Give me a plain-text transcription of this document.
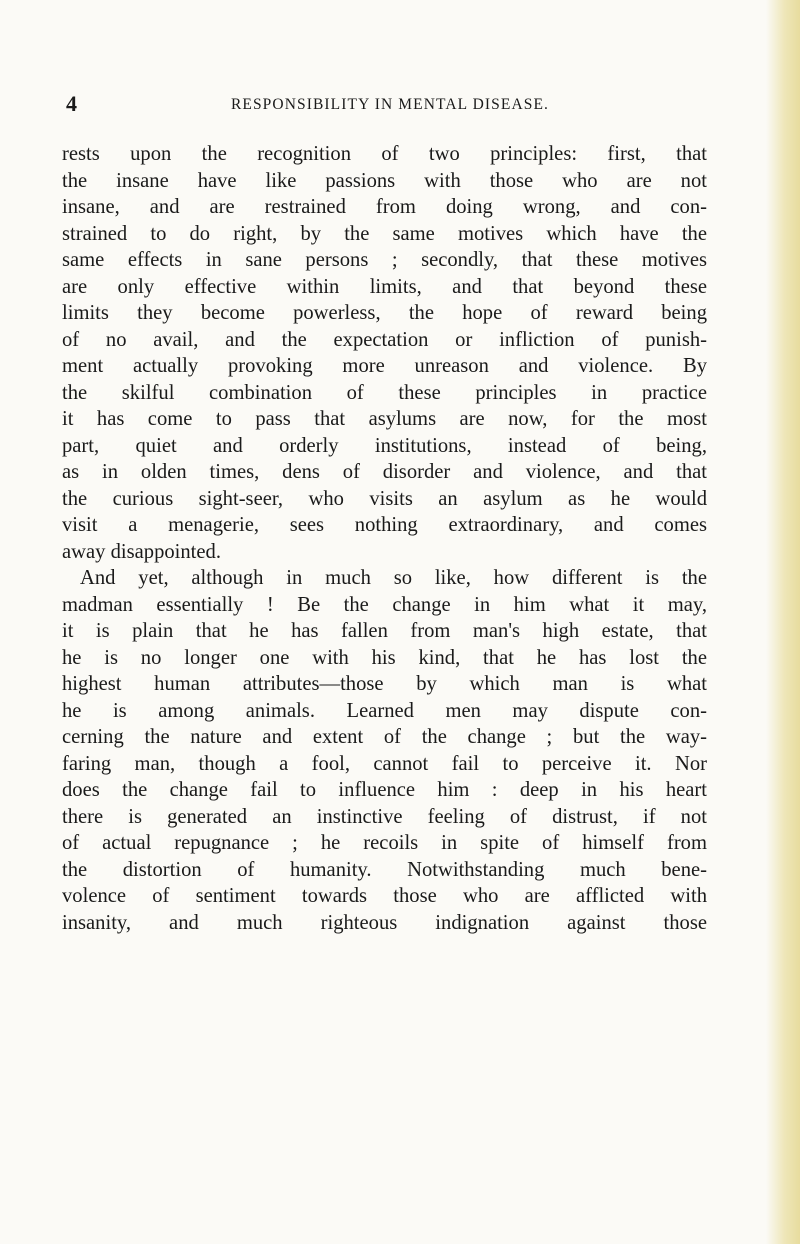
4	RESPONSIBILITY IN MENTAL DISEASE.
rests upon the recognition of two principles: first, that
the insane have like passions with those who are not
insane, and are restrained from doing wrong, and con-
strained to do right, by the same motives which have the
same effects in sane persons ; secondly, that these motives
are only effective within limits, and that beyond these
limits they become powerless, the hope of reward being
of no avail, and the expectation or infliction of punish-
ment actually provoking more unreason and violence. By
the skilful combination of these principles in practice
it has come to pass that asylums are now, for the most
part, quiet and orderly institutions, instead of being,
as in olden times, dens of disorder and violence, and that
the curious sight-seer, who visits an asylum as he would
visit a menagerie, sees nothing extraordinary, and comes
away disappointed.
And yet, although in much so like, how different is the
madman essentially ! Be the change in him what it may,
it is plain that he has fallen from man's high estate, that
he is no longer one with his kind, that he has lost the
highest human attributes—those by which man is what
he is among animals. Learned men may dispute con-
cerning the nature and extent of the change ; but the way-
faring man, though a fool, cannot fail to perceive it. Nor
does the change fail to influence him : deep in his heart
there is generated an instinctive feeling of distrust, if not
of actual repugnance ; he recoils in spite of himself from
the distortion of humanity. Notwithstanding much bene-
volence of sentiment towards those who are afflicted with
insanity, and much righteous indignation against those
